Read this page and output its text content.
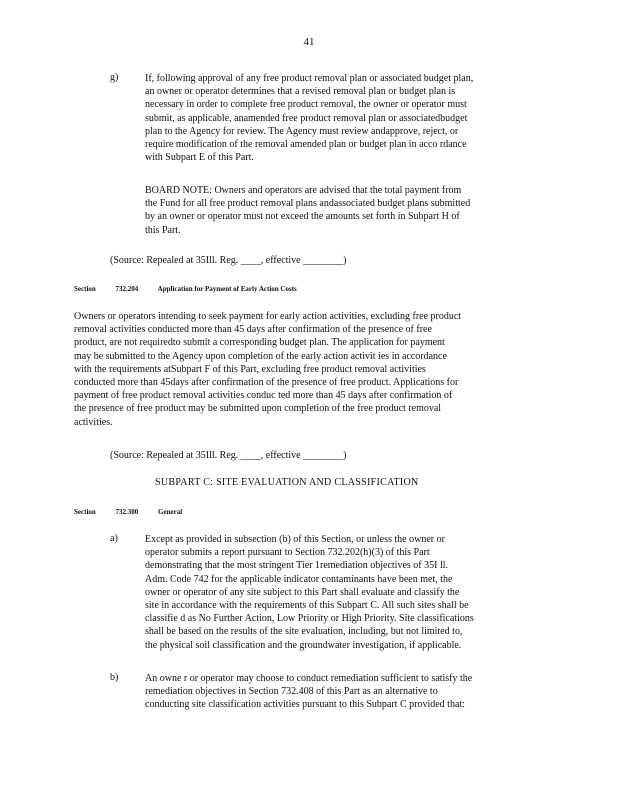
41
g)	If, following approval of any free product removal plan or associated budget plan,
an owner or operator determines that a revised removal plan or budget plan is
necessary in order to complete free product removal, the owner or operator must
submit, as applicable, anamended free product removal plan or associatedbudget
plan to the Agency for review. The Agency must review andapprove, reject, or
require modification of the removal amended plan or budget plan in acco rdance
with Subpart E of this Part.
BOARD NOTE: Owners and operators are advised that the total payment from
the Fund for all free product removal plans andassociated budget plans submitted
by an owner or operator must not exceed the amounts set forth in Subpart H of
this Part.
(Source: Repealed at 35Ill. Reg. ____, effective ________)
Section	732.204	Application for Payment of Early Action Costs
Owners or operators intending to seek payment for early action activities, excluding free product
removal activities conducted more than 45 days after confirmation of the presence of free
product, are not requiredto submit a corresponding budget plan. The application for payment
may be submitted to the Agency upon completion of the early action activit ies in accordance
with the requirements atSubpart F of this Part, excluding free product removal activities
conducted more than 45days after confirmation of the presence of free product. Applications for
payment of free product removal activities conduc ted more than 45 days after confirmation of
the presence of free product may be submitted upon completion of the free product removal
activities.
(Source: Repealed at 35Ill. Reg. ____, effective ________)
SUBPART C: SITE EVALUATION AND CLASSIFICATION
Section	732.300	General
a)	Except as provided in subsection (b) of this Section, or unless the owner or
operator submits a report pursuant to Section 732.202(h)(3) of this Part
demonstrating that the most stringent Tier 1remediation objectives of 35I ll.
Adm. Code 742 for the applicable indicator contaminants have been met, the
owner or operator of any site subject to this Part shall evaluate and classify the
site in accordance with the requirements of this Subpart C. All such sites shall be
classifie d as No Further Action, Low Priority or High Priority. Site classifications
shall be based on the results of the site evaluation, including, but not limited to,
the physical soil classification and the groundwater investigation, if applicable.
b)	An owne r or operator may choose to conduct remediation sufficient to satisfy the
remediation objectives in Section 732.408 of this Part as an alternative to
conducting site classification activities pursuant to this Subpart C provided that:
